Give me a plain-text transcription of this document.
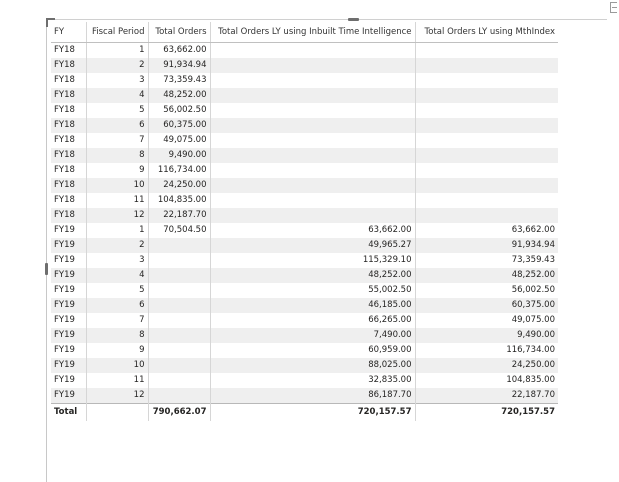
FY	Fiscal Period	Total Orders	Total Orders LY using Inbuilt Time Intelligence	Total Orders LY using MthIndex
FY18	1	63,662.00		
FY18	2	91,934.94		
FY18	3	73,359.43		
FY18	4	48,252.00		
FY18	5	56,002.50		
FY18	6	60,375.00		
FY18	7	49,075.00		
FY18	8	9,490.00		
FY18	9	116,734.00		
FY18	10	24,250.00		
FY18	11	104,835.00		
FY18	12	22,187.70		
FY19	1	70,504.50	63,662.00	63,662.00
FY19	2		49,965.27	91,934.94
FY19	3		115,329.10	73,359.43
FY19	4		48,252.00	48,252.00
FY19	5		55,002.50	56,002.50
FY19	6		46,185.00	60,375.00
FY19	7		66,265.00	49,075.00
FY19	8		7,490.00	9,490.00
FY19	9		60,959.00	116,734.00
FY19	10		88,025.00	24,250.00
FY19	11		32,835.00	104,835.00
FY19	12		86,187.70	22,187.70
Total		790,662.07	720,157.57	720,157.57
